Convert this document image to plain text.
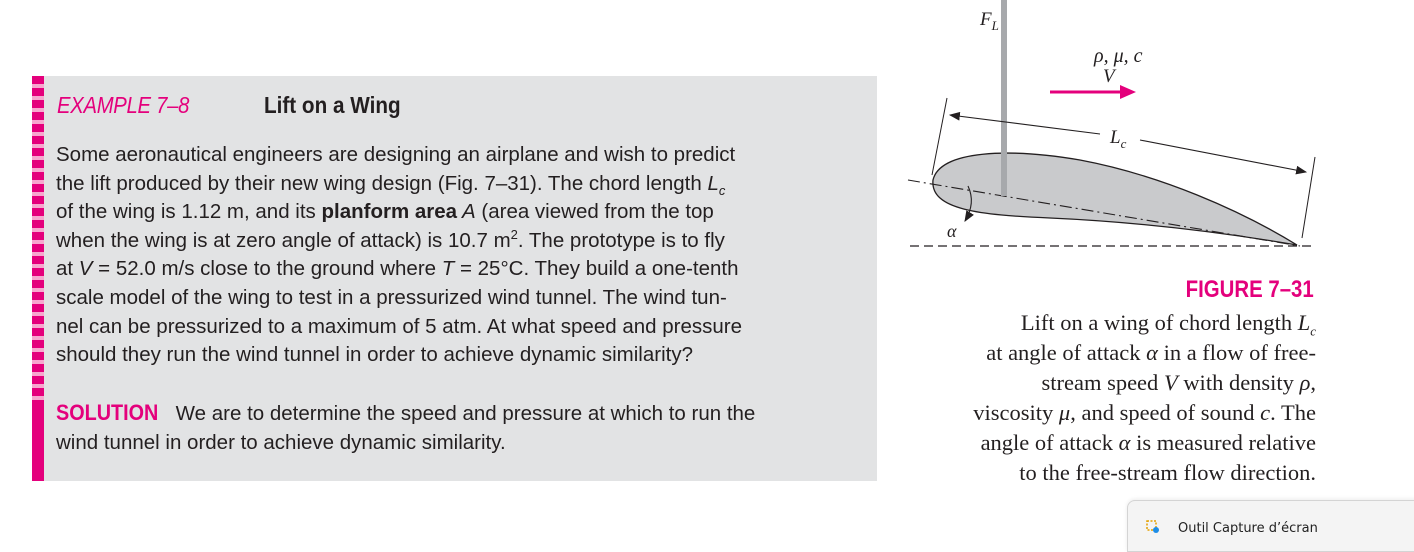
EXAMPLE 7–8	Lift on a Wing
Some aeronautical engineers are designing an airplane and wish to predict
the lift produced by their new wing design (Fig. 7–31). The chord length $L_c$
of the wing is 1.12 m, and its planform area A (area viewed from the top
when the wing is at zero angle of attack) is 10.7 $m^2$. The prototype is to fly
at V = 52.0 m/s close to the ground where T = 25°C. They build a one-tenth
scale model of the wing to test in a pressurized wind tunnel. The wind tun-
nel can be pressurized to a maximum of 5 atm. At what speed and pressure
should they run the wind tunnel in order to achieve dynamic similarity?
SOLUTION We are to determine the speed and pressure at which to run the
wind tunnel in order to achieve dynamic similarity.
$F_L$
ρ, μ, c
V
$L_c$
α
FIGURE 7–31
Lift on a wing of chord length $L_c$
at angle of attack α in a flow of free-
stream speed V with density ρ,
viscosity μ, and speed of sound c. The
angle of attack α is measured relative
to the free-stream flow direction.
Outil Capture d’écran
